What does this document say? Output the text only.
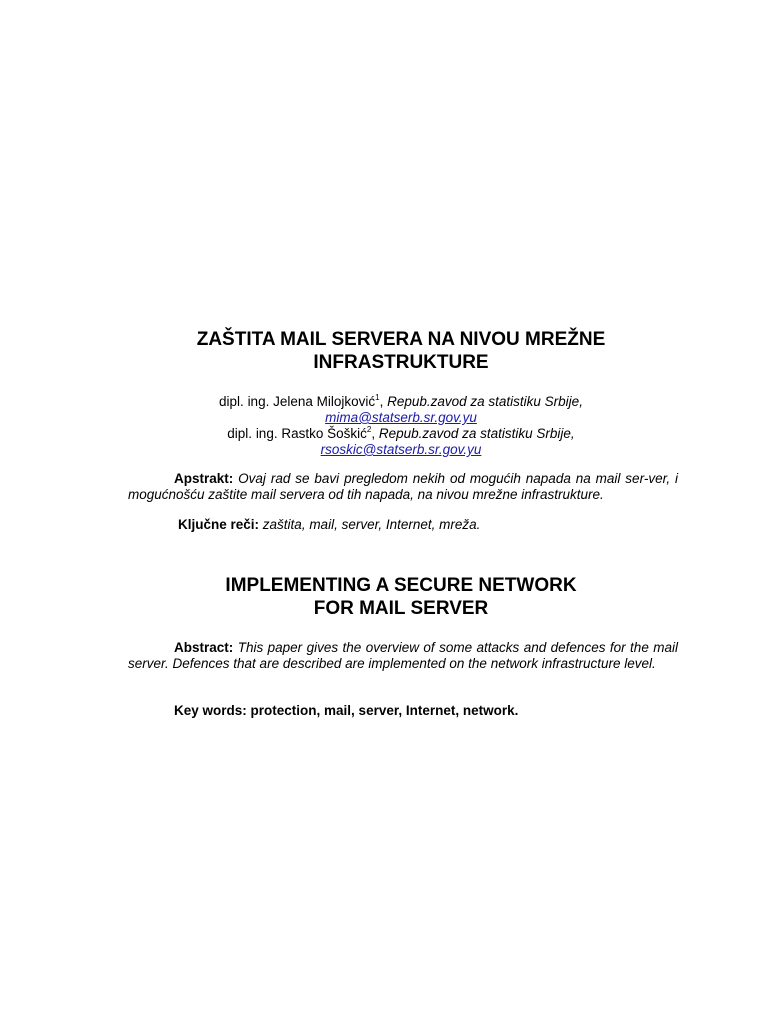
ZAŠTITA MAIL SERVERA NA NIVOU MREŽNE
INFRASTRUKTURE
dipl. ing. Jelena Milojković$^1$, Repub.zavod za statistiku Srbije,
mima@statserb.sr.gov.yu
dipl. ing. Rastko Šoškić$^2$, Repub.zavod za statistiku Srbije,
rsoskic@statserb.sr.gov.yu

Apstrakt: Ovaj rad se bavi pregledom nekih od mogućih napada na mail ser-ver, i mogućnošću zaštite mail servera od tih napada, na nivou mrežne infrastrukture.

Ključne reči: zaštita, mail, server, Internet, mreža.

IMPLEMENTING A SECURE NETWORK
FOR MAIL SERVER

Abstract: This paper gives the overview of some attacks and defences for the mail server. Defences that are described are implemented on the network infrastructure level.

Key words: protection, mail, server, Internet, network.
